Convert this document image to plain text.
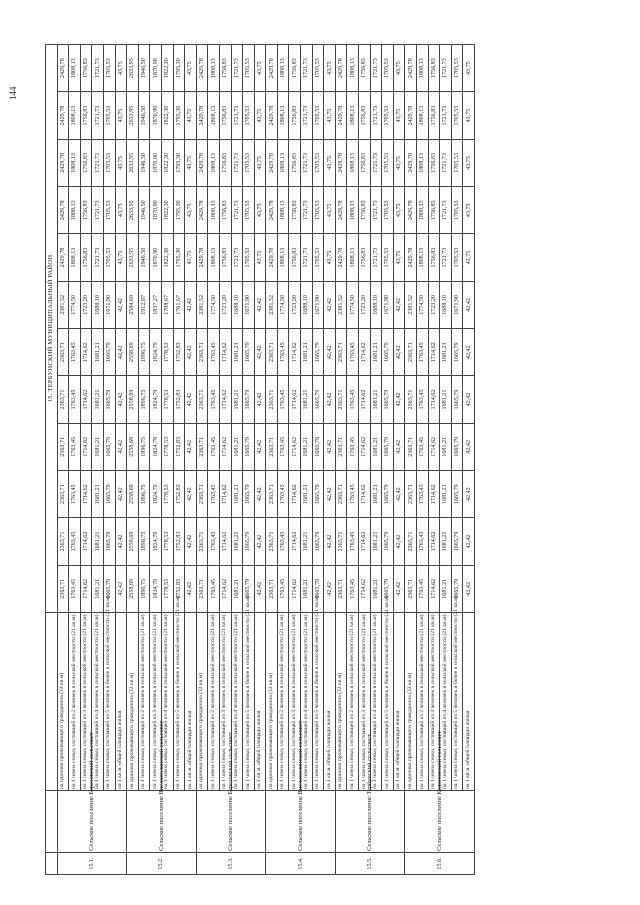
			15. ТЕРБУНСКИЙ МУНИЦИПАЛЬНЫЙ РАЙОН											
15.1.	Сельское поселение Березовский сельсовет	на одиноко проживающего гражданина (33 кв.м)	2363,71	2363,71	2363,71	2363,71	2363,71	2363,71	2381,52	2429,78	2429,78	2429,78	2429,78	2429,78
		на 1 члена семьи, состоящей из 2 человек в сельской местности (21 кв.м)	1763,45	1763,45	1763,45	1763,45	1763,45	1763,45	1774,50	1808,13	1808,13	1808,13	1808,13	1808,13
		на 1 члена семьи, состоящей из 3 человек в сельской местности (21 кв.м)	1714,62	1714,62	1714,62	1714,62	1714,62	1714,62	1723,20	1756,83	1756,83	1756,83	1756,83	1756,83
		на 1 члена семьи, состоящей из 4 человек в сельской местности (21 кв.м)	1681,21	1681,21	1681,21	1681,21	1681,21	1681,21	1688,10	1721,73	1721,73	1721,73	1721,73	1721,73
		на 1 члена семьи, состоящей из 5 человек и более в сельской местности (21 кв.м)	1665,79	1665,79	1665,79	1665,79	1665,79	1665,79	1671,90	1705,53	1705,53	1705,53	1705,53	1705,53
		на 1 кв.м. общей площади жилья	42,42	42,42	42,42	42,42	42,42	42,42	42,42	43,75	43,75	43,75	43,75	43,75
15.2.	Сельское поселение Вислополянский сельсовет	на одиноко проживающего гражданина (33 кв.м)	2558,69	2558,69	2558,69	2558,69	2558,69	2558,69	2584,69	2633,95	2633,95	2633,95	2633,95	2633,95
		на 1 члена семьи, состоящей из 2 человек в сельской местности (21 кв.м)	1896,75	1896,75	1896,75	1896,75	1896,75	1896,75	1912,87	1946,50	1946,50	1946,50	1946,50	1946,50
		на 1 члена семьи, состоящей из 3 человек в сельской местности (21 кв.м)	1824,79	1824,79	1824,79	1824,79	1824,79	1824,79	1837,27	1870,90	1870,90	1870,90	1870,90	1870,90
		на 1 члена семьи, состоящей из 4 человек в сельской местности (21 кв.м)	1778,53	1778,53	1778,53	1778,53	1778,53	1778,53	1788,67	1822,30	1822,30	1822,30	1822,30	1822,30
		на 1 члена семьи, состоящей из 5 человек и более в сельской местности (21 кв.м)	1752,83	1752,83	1752,83	1752,83	1752,83	1752,83	1761,67	1795,30	1795,30	1795,30	1795,30	1795,30
		на 1 кв.м. общей площади жилья	42,42	42,42	42,42	42,42	42,42	42,42	42,42	43,75	43,75	43,75	43,75	43,75
15.3.	Сельское поселение Березовский сельсовет	на одиноко проживающего гражданина (33 кв.м)	2363,71	2363,71	2363,71	2363,71	2363,71	2363,71	2381,52	2429,78	2429,78	2429,78	2429,78	2429,78
		на 1 члена семьи, состоящей из 2 человек в сельской местности (21 кв.м)	1763,45	1763,45	1763,45	1763,45	1763,45	1763,45	1774,50	1808,13	1808,13	1808,13	1808,13	1808,13
		на 1 члена семьи, состоящей из 3 человек в сельской местности (21 кв.м)	1714,62	1714,62	1714,62	1714,62	1714,62	1714,62	1723,20	1756,83	1756,83	1756,83	1756,83	1756,83
		на 1 члена семьи, состоящей из 4 человек в сельской местности (21 кв.м)	1681,21	1681,21	1681,21	1681,21	1681,21	1681,21	1688,10	1721,73	1721,73	1721,73	1721,73	1721,73
		на 1 члена семьи, состоящей из 5 человек и более в сельской местности (21 кв.м)	1665,79	1665,79	1665,79	1665,79	1665,79	1665,79	1671,90	1705,53	1705,53	1705,53	1705,53	1705,53
		на 1 кв.м. общей площади жилья	42,42	42,42	42,42	42,42	42,42	42,42	42,42	43,75	43,75	43,75	43,75	43,75
15.4.	Сельское поселение Вислополянский сельсовет	на одиноко проживающего гражданина (33 кв.м)	2363,71	2363,71	2363,71	2363,71	2363,71	2363,71	2381,52	2429,78	2429,78	2429,78	2429,78	2429,78
		на 1 члена семьи, состоящей из 2 человек в сельской местности (21 кв.м)	1763,45	1763,45	1763,45	1763,45	1763,45	1763,45	1774,50	1808,13	1808,13	1808,13	1808,13	1808,13
		на 1 члена семьи, состоящей из 3 человек в сельской местности (21 кв.м)	1714,62	1714,62	1714,62	1714,62	1714,62	1714,62	1723,20	1756,83	1756,83	1756,83	1756,83	1756,83
		на 1 члена семьи, состоящей из 4 человек в сельской местности (21 кв.м)	1681,21	1681,21	1681,21	1681,21	1681,21	1681,21	1688,10	1721,73	1721,73	1721,73	1721,73	1721,73
		на 1 члена семьи, состоящей из 5 человек и более в сельской местности (21 кв.м)	1665,79	1665,79	1665,79	1665,79	1665,79	1665,79	1671,90	1705,53	1705,53	1705,53	1705,53	1705,53
		на 1 кв.м. общей площади жилья	42,42	42,42	42,42	42,42	42,42	42,42	42,42	43,75	43,75	43,75	43,75	43,75
15.5.	Сельское поселение Тербунский сельсовет	на одиноко проживающего гражданина (33 кв.м)	2363,71	2363,71	2363,71	2363,71	2363,71	2363,71	2381,52	2429,78	2429,78	2429,78	2429,78	2429,78
		на 1 члена семьи, состоящей из 2 человек в сельской местности (21 кв.м)	1763,45	1763,45	1763,45	1763,45	1763,45	1763,45	1774,50	1808,13	1808,13	1808,13	1808,13	1808,13
		на 1 члена семьи, состоящей из 3 человек в сельской местности (21 кв.м)	1714,62	1714,62	1714,62	1714,62	1714,62	1714,62	1723,20	1756,83	1756,83	1756,83	1756,83	1756,83
		на 1 члена семьи, состоящей из 4 человек в сельской местности (21 кв.м)	1681,21	1681,21	1681,21	1681,21	1681,21	1681,21	1688,10	1721,73	1721,73	1721,73	1721,73	1721,73
		на 1 члена семьи, состоящей из 5 человек и более в сельской местности (21 кв.м)	1665,79	1665,79	1665,79	1665,79	1665,79	1665,79	1671,90	1705,53	1705,53	1705,53	1705,53	1705,53
		на 1 кв.м. общей площади жилья	42,42	42,42	42,42	42,42	42,42	42,42	42,42	43,75	43,75	43,75	43,75	43,75
15.6.	Сельское поселение Кудиновский сельсовет	на одиноко проживающего гражданина (33 кв.м)	2363,71	2363,71	2363,71	2363,71	2363,71	2363,71	2381,52	2429,78	2429,78	2429,78	2429,78	2429,78
		на 1 члена семьи, состоящей из 2 человек в сельской местности (21 кв.м)	1763,45	1763,45	1763,45	1763,45	1763,45	1763,45	1774,50	1808,13	1808,13	1808,13	1808,13	1808,13
		на 1 члена семьи, состоящей из 3 человек в сельской местности (21 кв.м)	1714,62	1714,62	1714,62	1714,62	1714,62	1714,62	1723,20	1756,83	1756,83	1756,83	1756,83	1756,83
		на 1 члена семьи, состоящей из 4 человек в сельской местности (21 кв.м)	1681,21	1681,21	1681,21	1681,21	1681,21	1681,21	1688,10	1721,73	1721,73	1721,73	1721,73	1721,73
		на 1 члена семьи, состоящей из 5 человек и более в сельской местности (21 кв.м)	1665,79	1665,79	1665,79	1665,79	1665,79	1665,79	1671,90	1705,53	1705,53	1705,53	1705,53	1705,53
		на 1 кв.м. общей площади жилья	42,42	42,42	42,42	42,42	42,42	42,42	42,42	43,75	43,75	43,75	43,75	43,75
144
